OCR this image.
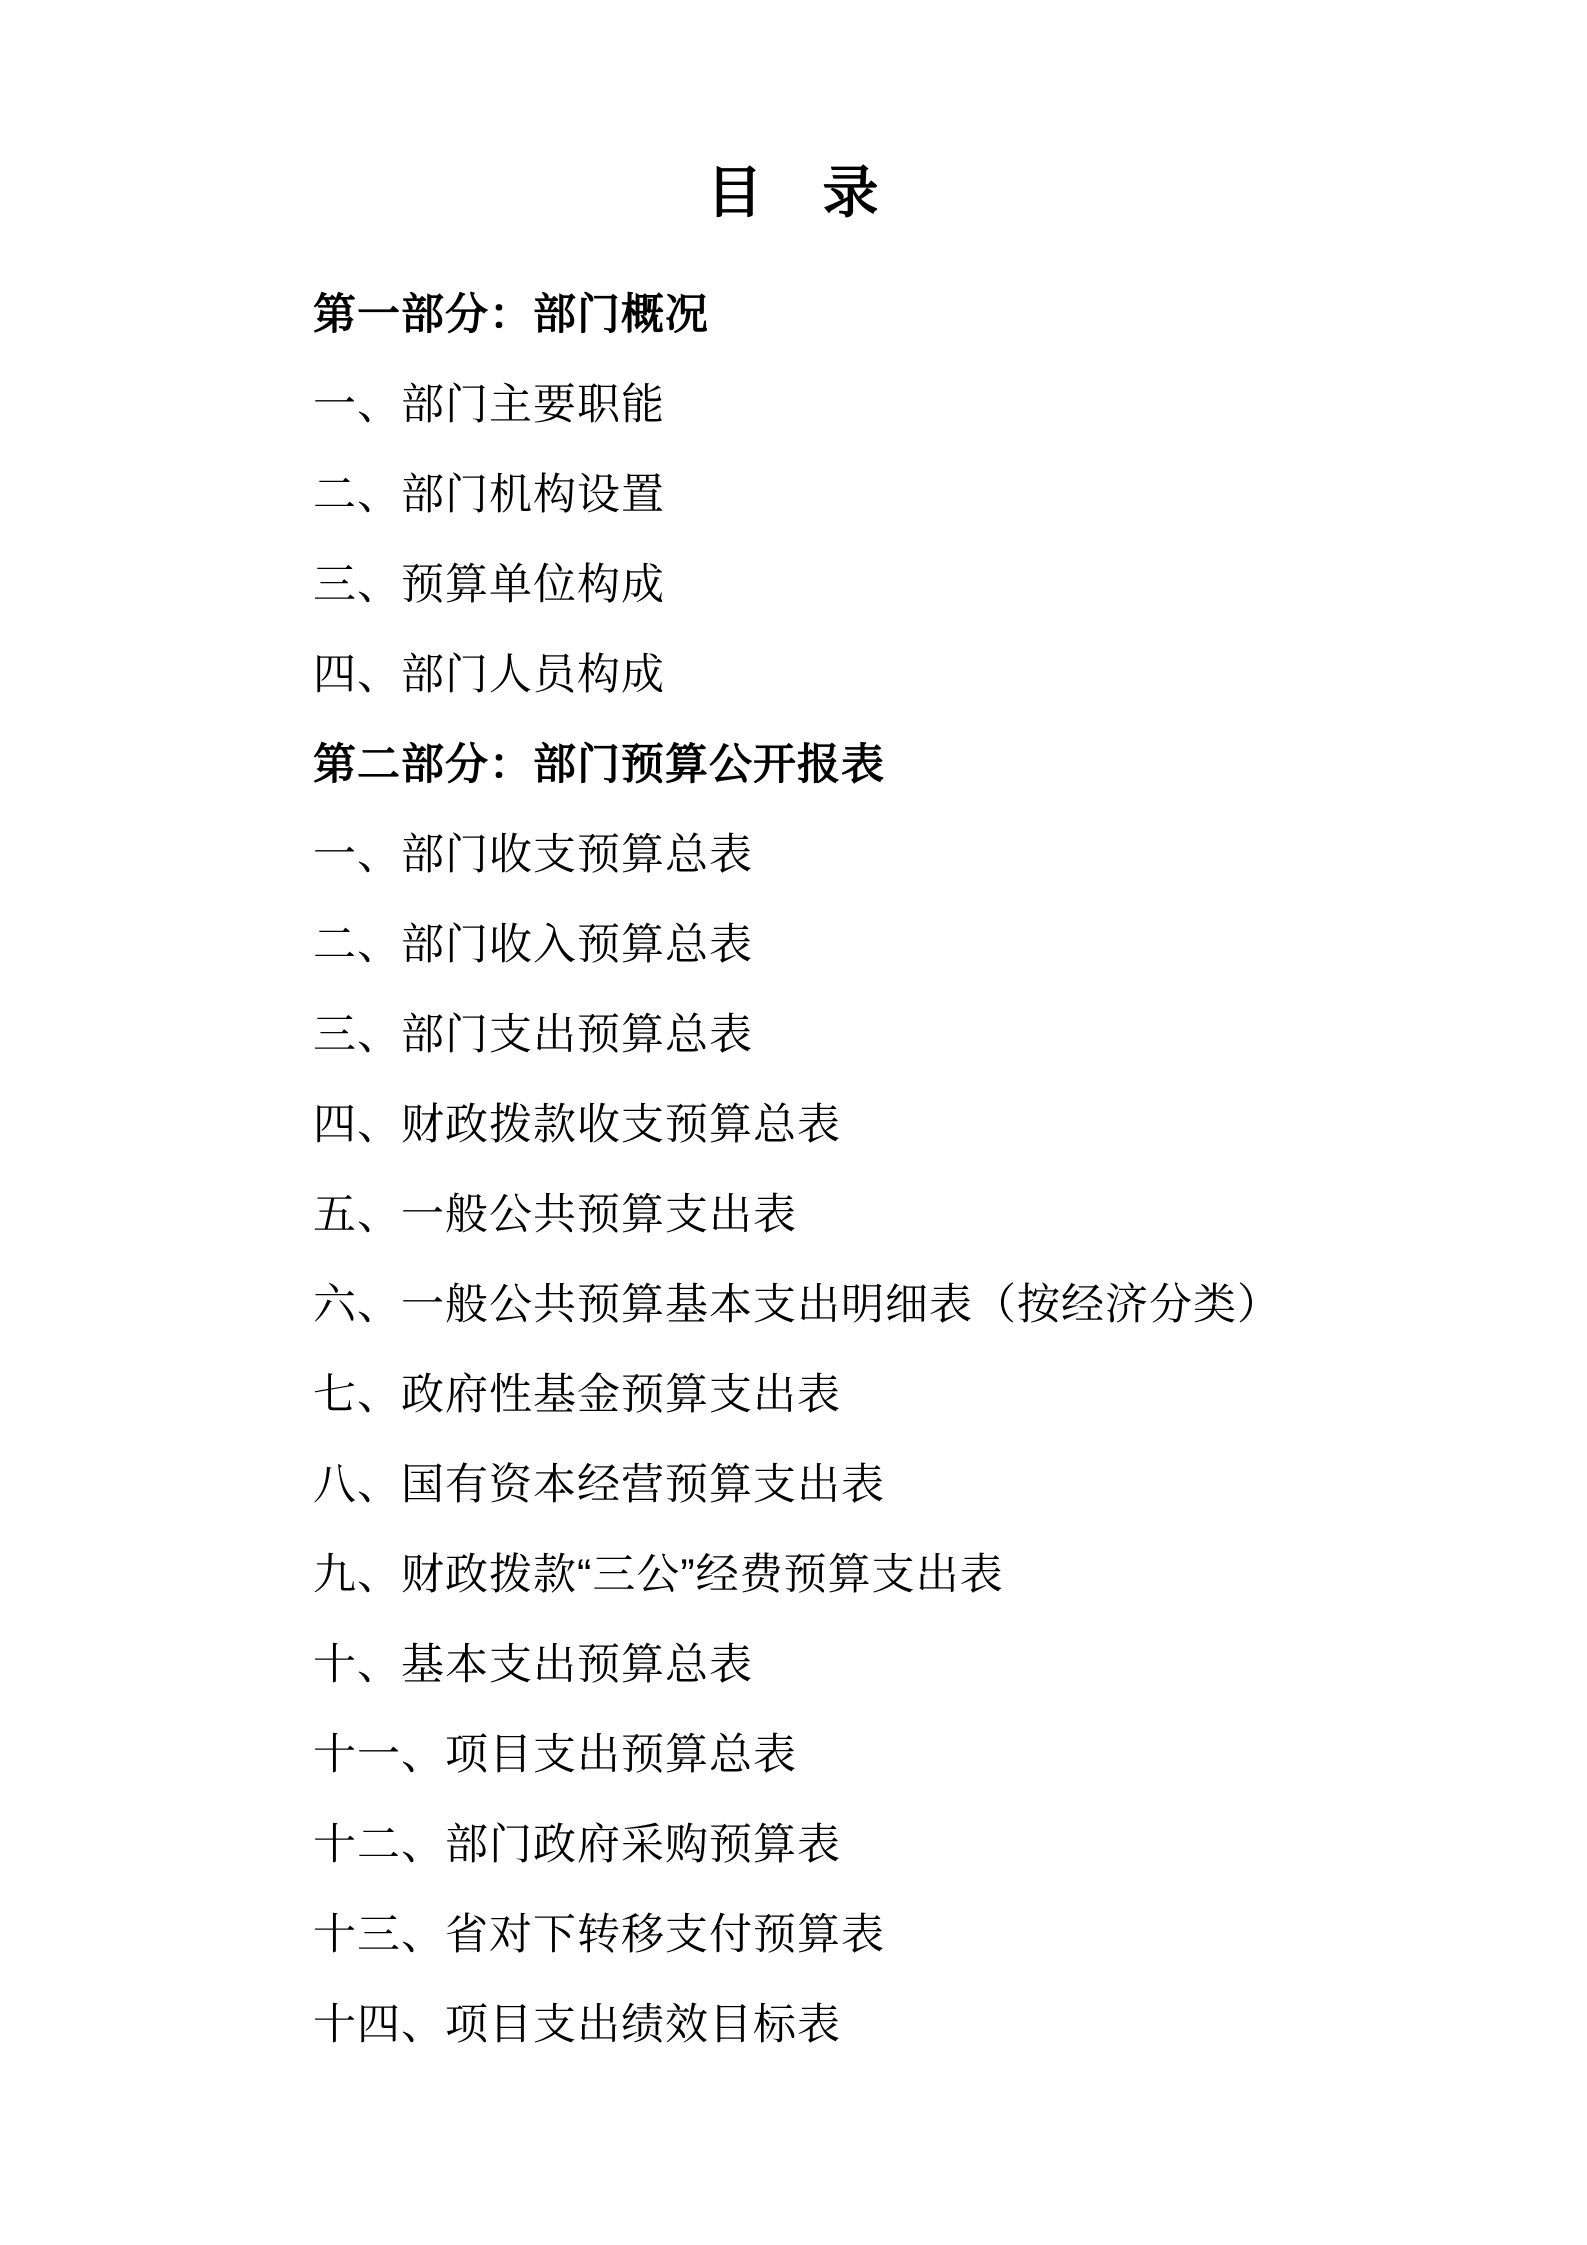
目　录
第一部分：部门概况
一、部门主要职能
二、部门机构设置
三、预算单位构成
四、部门人员构成
第二部分：部门预算公开报表
一、部门收支预算总表
二、部门收入预算总表
三、部门支出预算总表
四、财政拨款收支预算总表
五、一般公共预算支出表
六、一般公共预算基本支出明细表（按经济分类）
七、政府性基金预算支出表
八、国有资本经营预算支出表
九、财政拨款“三公”经费预算支出表
十、基本支出预算总表
十一、项目支出预算总表
十二、部门政府采购预算表
十三、省对下转移支付预算表
十四、项目支出绩效目标表
